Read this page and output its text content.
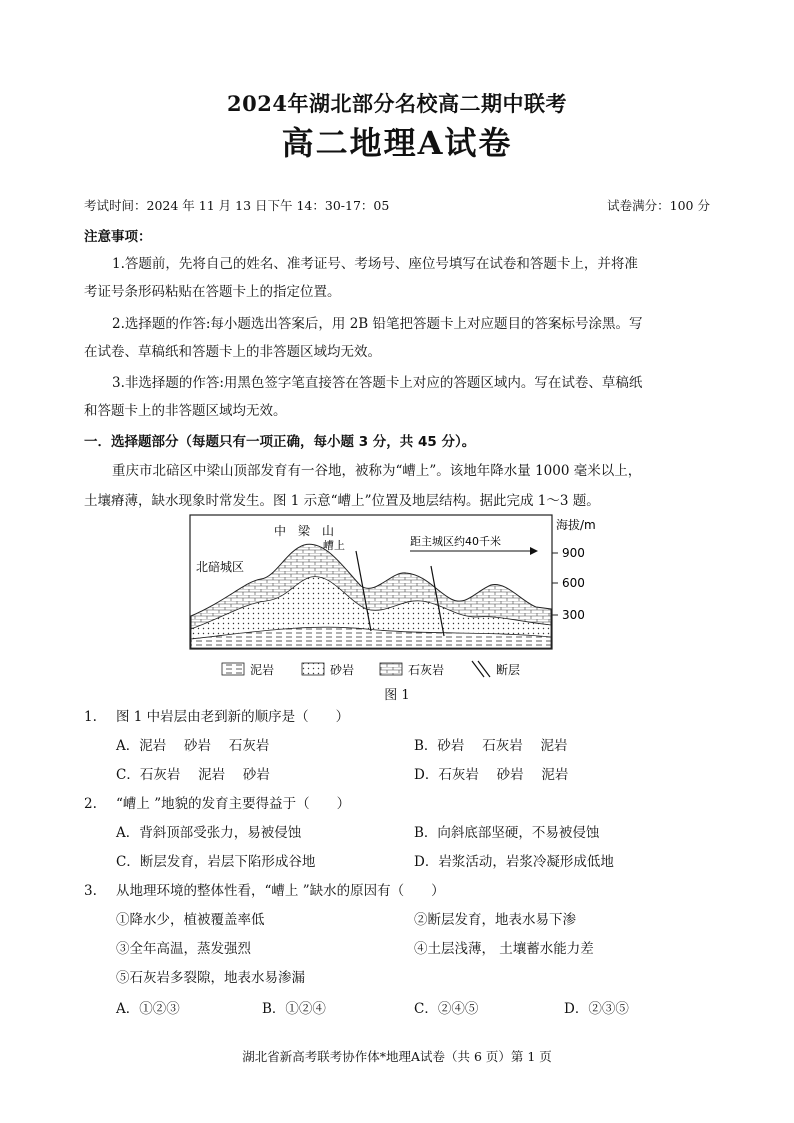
2024年湖北部分名校高二期中联考
高二地理A试卷
考试时间：2024 年 11 月 13 日下午 14：30-17：05	试卷满分：100 分
注意事项：
1.答题前，先将自己的姓名、准考证号、考场号、座位号填写在试卷和答题卡上，并将准
考证号条形码粘贴在答题卡上的指定位置。
2.选择题的作答:每小题选出答案后，用 2B 铅笔把答题卡上对应题目的答案标号涂黑。写
在试卷、草稿纸和答题卡上的非答题区域均无效。
3.非选择题的作答:用黑色签字笔直接答在答题卡上对应的答题区域内。写在试卷、草稿纸
和答题卡上的非答题区域均无效。
一．选择题部分（每题只有一项正确，每小题 3 分，共 45 分）。
重庆市北碚区中梁山顶部发育有一谷地，被称为“嶆上”。该地年降水量 1000 毫米以上，
土壤瘠薄，缺水现象时常发生。图 1 示意“嶆上”位置及地层结构。据此完成 1～3 题。
中　梁　山
嶆上
北碚城区
距主城区约40千米
海拔/m
900
600
300
泥岩	砂岩	石灰岩	断层
图 1
1. 图 1 中岩层由老到新的顺序是（　　）
A．泥岩　 砂岩　 石灰岩	B．砂岩　 石灰岩　 泥岩
C．石灰岩　 泥岩　 砂岩	D．石灰岩　 砂岩　 泥岩
2. “嶆上 ”地貌的发育主要得益于（　　）
A．背斜顶部受张力，易被侵蚀	B．向斜底部坚硬，不易被侵蚀
C．断层发育，岩层下陷形成谷地	D．岩浆活动，岩浆冷凝形成低地
3. 从地理环境的整体性看，“嶆上 ”缺水的原因有（　　）
①降水少，植被覆盖率低	②断层发育，地表水易下渗
③全年高温，蒸发强烈	④土层浅薄， 土壤蓄水能力差
⑤石灰岩多裂隙，地表水易渗漏
A．①②③	B．①②④	C．②④⑤	D．②③⑤
湖北省新高考联考协作体*地理A试卷（共 6 页）第 1 页
